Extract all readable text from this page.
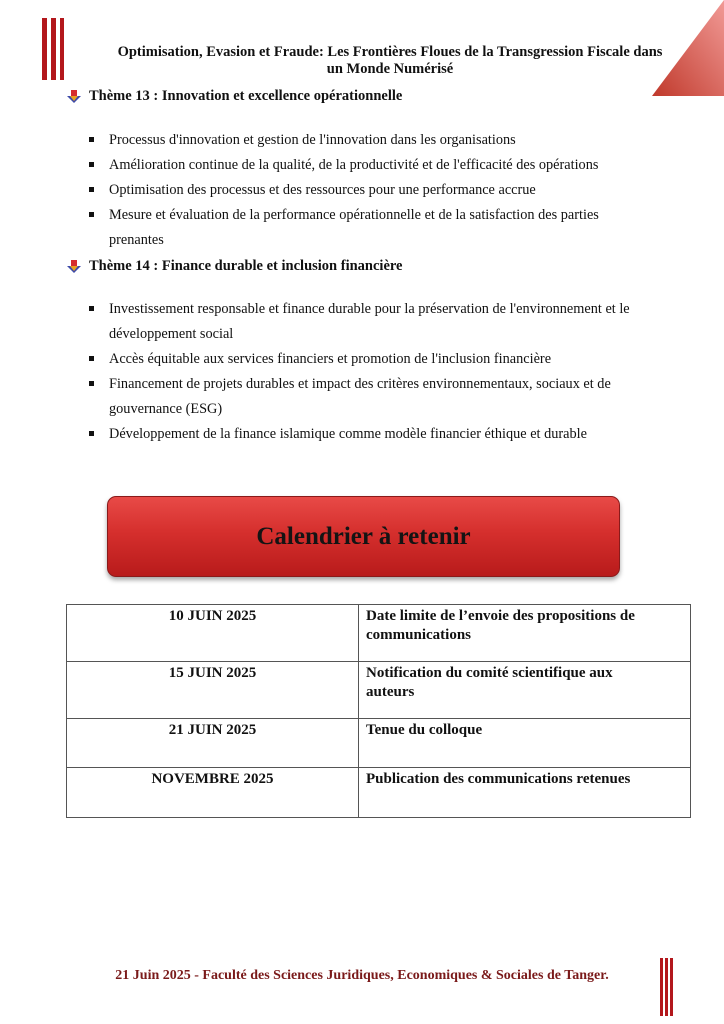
Optimisation, Evasion et Fraude: Les Frontières Floues de la Transgression Fiscale dans
un Monde Numérisé
Thème 13 : Innovation et excellence opérationnelle
Processus d'innovation et gestion de l'innovation dans les organisations
Amélioration continue de la qualité, de la productivité et de l'efficacité des opérations
Optimisation des processus et des ressources pour une performance accrue
Mesure et évaluation de la performance opérationnelle et de la satisfaction des parties
prenantes
Thème 14 : Finance durable et inclusion financière
Investissement responsable et finance durable pour la préservation de l'environnement et le
développement social
Accès équitable aux services financiers et promotion de l'inclusion financière
Financement de projets durables et impact des critères environnementaux, sociaux et de
gouvernance (ESG)
Développement de la finance islamique comme modèle financier éthique et durable
Calendrier à retenir
10 JUIN 2025	Date limite de l’envoie des propositions de
communications
15 JUIN 2025	Notification du comité scientifique aux
auteurs
21 JUIN 2025	Tenue du colloque
NOVEMBRE 2025	Publication des communications retenues
21 Juin 2025 - Faculté des Sciences Juridiques, Economiques & Sociales de Tanger.
